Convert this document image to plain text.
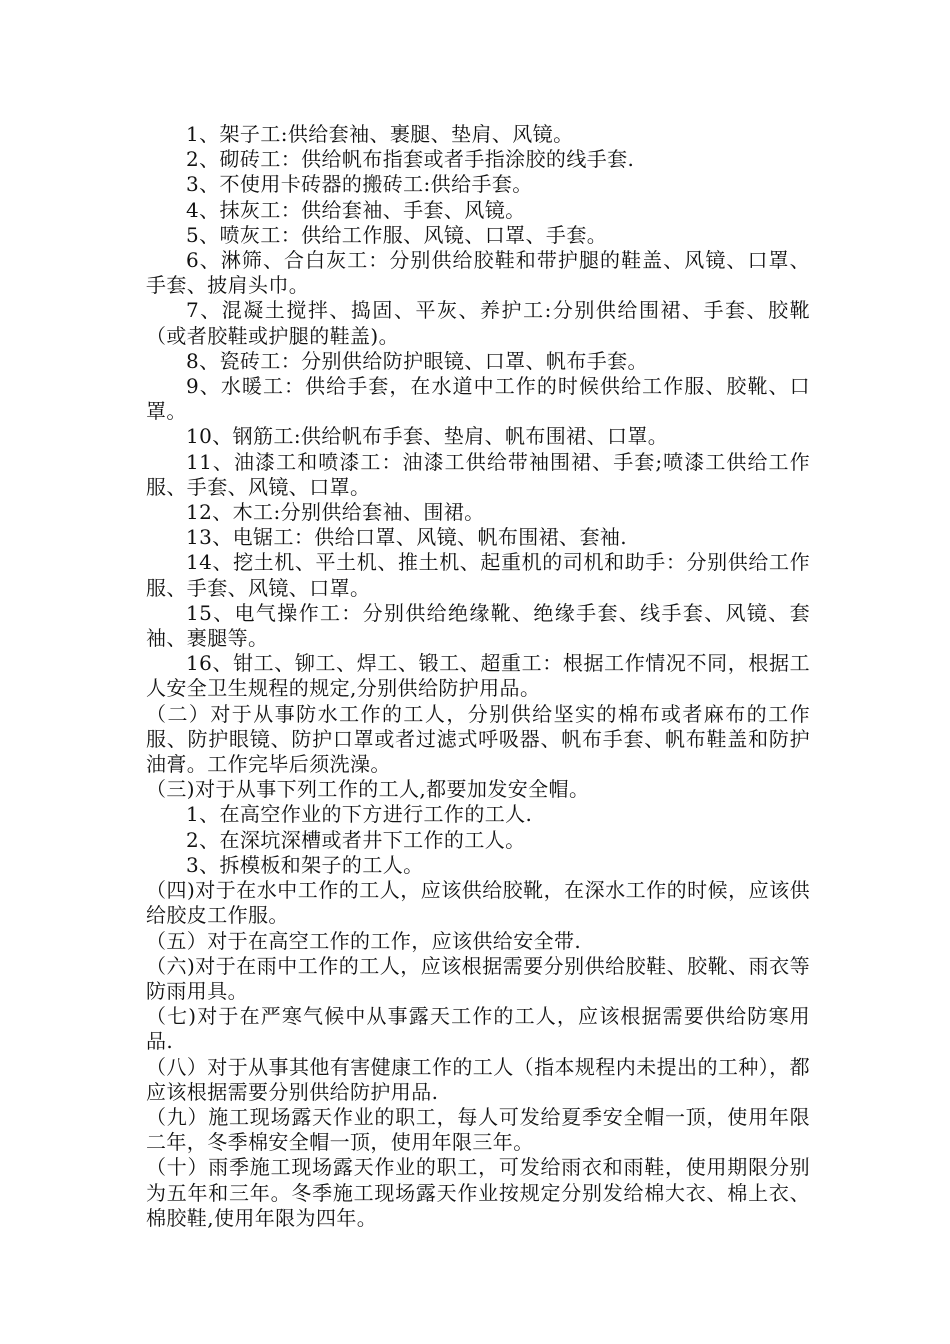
1、架子工:供给套袖、裹腿、垫肩、风镜。

2、砌砖工：供给帆布指套或者手指涂胶的线手套.

3、不使用卡砖器的搬砖工:供给手套。

4、抹灰工：供给套袖、手套、风镜。

5、喷灰工：供给工作服、风镜、口罩、手套。

6、淋筛、合白灰工：分别供给胶鞋和带护腿的鞋盖、风镜、口罩、手套、披肩头巾。

7、混凝土搅拌、捣固、平灰、养护工:分别供给围裙、手套、胶靴（或者胶鞋或护腿的鞋盖)。

8、瓷砖工：分别供给防护眼镜、口罩、帆布手套。

9、水暖工：供给手套，在水道中工作的时候供给工作服、胶靴、口罩。

10、钢筋工:供给帆布手套、垫肩、帆布围裙、口罩。

11、油漆工和喷漆工：油漆工供给带袖围裙、手套;喷漆工供给工作服、手套、风镜、口罩。

12、木工:分别供给套袖、围裙。

13、电锯工：供给口罩、风镜、帆布围裙、套袖.

14、挖土机、平土机、推土机、起重机的司机和助手：分别供给工作服、手套、风镜、口罩。

15、电气操作工：分别供给绝缘靴、绝缘手套、线手套、风镜、套袖、裹腿等。

16、钳工、铆工、焊工、锻工、超重工：根据工作情况不同，根据工人安全卫生规程的规定,分别供给防护用品。

（二）对于从事防水工作的工人，分别供给坚实的棉布或者麻布的工作服、防护眼镜、防护口罩或者过滤式呼吸器、帆布手套、帆布鞋盖和防护油膏。工作完毕后须洗澡。

（三)对于从事下列工作的工人,都要加发安全帽。

1、在高空作业的下方进行工作的工人.

2、在深坑深槽或者井下工作的工人。

3、拆模板和架子的工人。

（四)对于在水中工作的工人，应该供给胶靴，在深水工作的时候，应该供给胶皮工作服。

（五）对于在高空工作的工作，应该供给安全带.

（六)对于在雨中工作的工人，应该根据需要分别供给胶鞋、胶靴、雨衣等防雨用具。

（七)对于在严寒气候中从事露天工作的工人，应该根据需要供给防寒用品.

（八）对于从事其他有害健康工作的工人（指本规程内未提出的工种），都应该根据需要分别供给防护用品.

（九）施工现场露天作业的职工，每人可发给夏季安全帽一顶，使用年限二年，冬季棉安全帽一顶，使用年限三年。

（十）雨季施工现场露天作业的职工，可发给雨衣和雨鞋，使用期限分别为五年和三年。冬季施工现场露天作业按规定分别发给棉大衣、棉上衣、棉胶鞋,使用年限为四年。
